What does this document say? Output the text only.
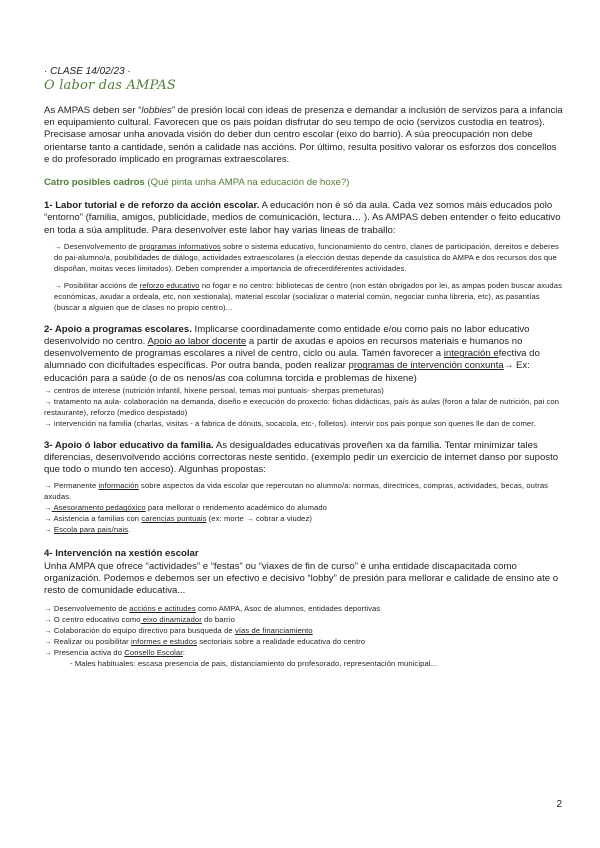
· CLASE 14/02/23 ·

O labor das AMPAS

As AMPAS deben ser “lobbies” de presión local con ideas de presenza e demandar a inclusión de servizos para a infancia en equipamiento cultural. Favorecen que os pais poidan disfrutar do seu tempo de ocio (servizos custodia en teatros). Precisase amosar unha anovada visión do deber dun centro escolar (eixo do barrio). A súa preocupación non debe orientarse tanto a cantidade, senón a calidade nas accións. Por último, resulta positivo valorar os esforzos dos concellos e do profesorado implicado en programas extraescolares.

Catro posibles cadros (Qué pinta unha AMPA na educación de hoxe?)

1- Labor tutorial e de reforzo da acción escolar. A educación non é só da aula. Cada vez somos máis educados polo “entorno” (familia, amigos, publicidade, medios de comunicación, lectura… ). As AMPAS deben entender o feito educativo en toda a súa amplitude. Para desenvolver este labor hay varias lineas de traballo:

→ Desenvolvemento de programas informativos sobre o sistema educativo, funcionamiento do centro, clanes de participación, dereitos e deberes do pai-alumno/a, posibilidades de diálogo, actividades extraescolares (a elección destas depende da casuística do AMPA e dos recursos dos que dispoñan, moitas veces limitados). Deben comprender a importancia de ofrecerdiferentes actividades.

→ Posibilitar accións de reforzo educativo no fogar e no centro: bibliotecas de centro (non están obrigados por lei, as ampas poden buscar axudas económicas, axudar a ordeala, etc, non xestionala), material escolar (socializar o material común, negociar cunha libreria, etc), as pasantías (buscar a alguien que de clases no propio centro)...

2- Apoio a programas escolares. Implicarse coordinadamente como entidade e/ou como pais no labor educativo desenvolvido no centro. Apoio ao labor docente a partir de axudas e apoios en recursos materiais e humanos no desenvolvemento de programas escolares a nivel de centro, ciclo ou aula. Tamén favorecer a integración efectiva do alumnado con dicifultades específicas. Por outra banda, poden realizar programas de intervención conxunta→ Ex: educación para a saúde (o de os nenos/as coa columna torcida e problemas de hixene)

→ centros de interese (nutrición infantil, hixene persoal, temas moi puntuais- sherpas premeturas)

→ tratamento na aula- colaboración na demanda, diseño e execución do proxecto: fichas didácticas, país ás aulas (foron a falar de nutrición, pai con restaurante), reforzo (medico despistado)

→ intervención na familia (charlas, visitas - a fabrica de dónuts, socacola, etc-, folletos). intervir cos pais porque son quenes lle dan de comer.

3- Apoio ó labor educativo da familia. As desigualdades educativas proveñen xa da familia. Tentar minimizar tales diferencias, desenvolvendo accións correctoras neste sentido. (exemplo pedir un exercicio de internet danso por suposto que todo o mundo ten acceso). Algunhas propostas:

→ Permanente información sobre aspectos da vida escolar que repercutan no alumno/a: normas, directrices, compras, actividades, becas, outras axudas.

→ Asesoramento pedagóxico para mellorar o rendemento académico do alumado

→ Asistencia a familias con carencias puntuais (ex: morte → cobrar a viudez)

→ Escola para pais/nais.

4- Intervención na xestión escolar

Unha AMPA que ofrece “actividades” e “festas” ou “viaxes de fin de curso” é unha entidade discapacitada como organización. Podemos e debemos ser un efectivo e decisivo “lobby” de presión para mellorar e calidade de ensino ate o resto de comunidade educativa...

→ Desenvolvemento de accións e actitudes como AMPA, Asoc de alumnos, entidades deportivas

→ O centro educativo como eixo dinamizador do barrio

→ Colaboración do equipo directivo para busqueda de vías de financiamiento

→ Realizar ou posibilitar informes e estudos sectoriais sobre a realidade educativa do centro

→ Presencia activa do Consello Escolar:

- Males habituales: escasa presencia de pais, distanciamiento do profesorado, representación municipal...

2
